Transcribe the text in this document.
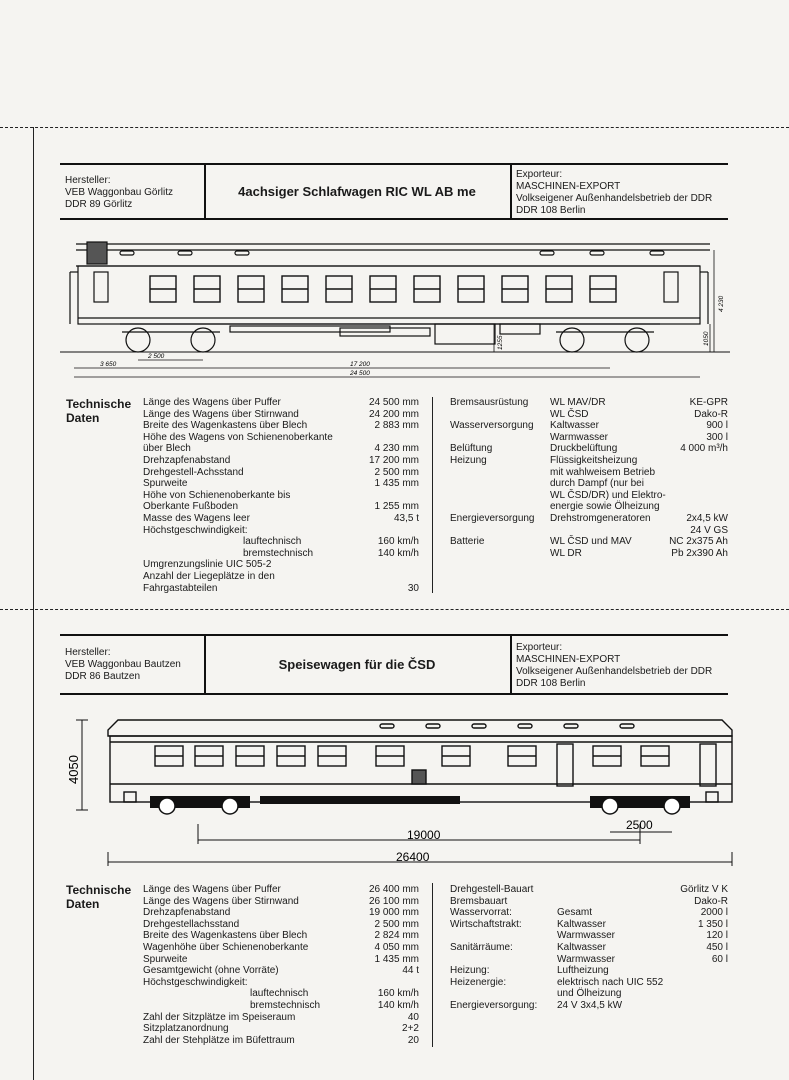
Hersteller:
VEB Waggonbau Görlitz
DDR 89 Görlitz
4achsiger Schlafwagen RIC WL AB me
Exporteur:
MASCHINEN-EXPORT
Volkseigener Außenhandelsbetrieb der DDR
DDR 108 Berlin
3 650
2 500
17 200
24 500
4 230
1050
1255
Technische
Daten
Länge des Wagens über Puffer	24 500 mm
Länge des Wagens über Stirnwand	24 200 mm
Breite des Wagenkastens über Blech	2 883 mm
Höhe des Wagens von Schienenoberkante
über Blech	4 230 mm
Drehzapfenabstand	17 200 mm
Drehgestell-Achsstand	2 500 mm
Spurweite	1 435 mm
Höhe von Schienenoberkante bis
Oberkante Fußboden	1 255 mm
Masse des Wagens leer	43,5 t
Höchstgeschwindigkeit:
lauftechnisch	160 km/h
bremstechnisch	140 km/h
Umgrenzungslinie UIC 505-2
Anzahl der Liegeplätze in den
Fahrgastabteilen	30
Bremsausrüstung WL MAV/DR	KE-GPR
WL ČSD	Dako-R
Wasserversorgung Kaltwasser	900 l
Warmwasser	300 l
Belüftung	Druckbelüftung	4 000 m³/h
Heizung	Flüssigkeitsheizung
mit wahlweisem Betrieb
durch Dampf (nur bei
WL ČSD/DR) und Elektro-
energie sowie Ölheizung
Energieversorgung Drehstromgeneratoren	2x4,5 kW
24 V GS
Batterie	WL ČSD und MAV	NC 2x375 Ah
WL DR	Pb 2x390 Ah
Hersteller:
VEB Waggonbau Bautzen
DDR 86 Bautzen
Speisewagen für die ČSD
Exporteur:
MASCHINEN-EXPORT
Volkseigener Außenhandelsbetrieb der DDR
DDR 108 Berlin
4050
2500
19000
26400
Technische
Daten
Länge des Wagens über Puffer	26 400 mm
Länge des Wagens über Stirnwand	26 100 mm
Drehzapfenabstand	19 000 mm
Drehgestellachsstand	2 500 mm
Breite des Wagenkastens über Blech	2 824 mm
Wagenhöhe über Schienenoberkante	4 050 mm
Spurweite	1 435 mm
Gesamtgewicht (ohne Vorräte)	44 t
Höchstgeschwindigkeit:
lauftechnisch	160 km/h
bremstechnisch	140 km/h
Zahl der Sitzplätze im Speiseraum	40
Sitzplatzanordnung	2+2
Zahl der Stehplätze im Büfettraum	20
Drehgestell-Bauart	Görlitz V K
Bremsbauart	Dako-R
Wasservorrat:	Gesamt	2000 l
Wirtschaftstrakt:	Kaltwasser	1 350 l
Warmwasser	120 l
Sanitärräume:	Kaltwasser	450 l
Warmwasser	60 l
Heizung:	Luftheizung
Heizenergie:	elektrisch nach UIC 552
und Ölheizung
Energieversorgung: 24 V 3x4,5 kW
